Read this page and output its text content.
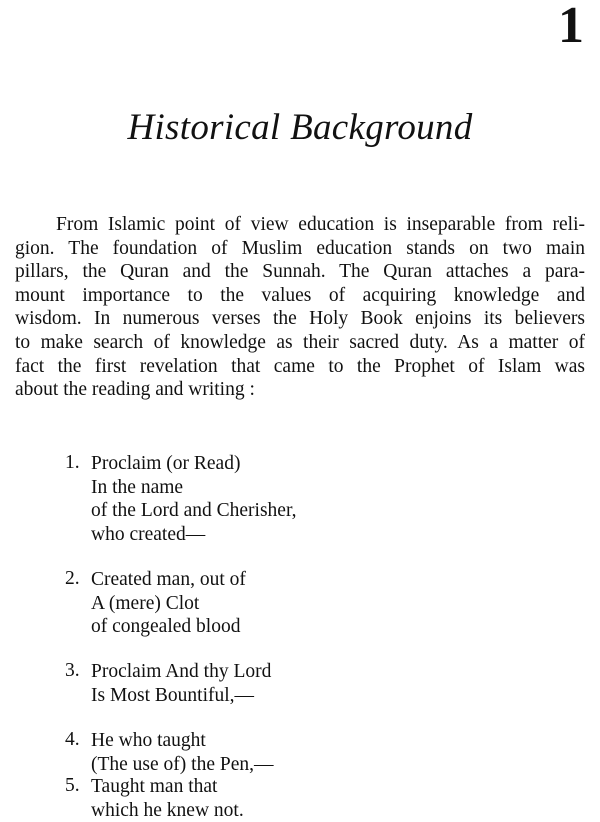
1
Historical Background
From Islamic point of view education is inseparable from reli-
gion. The foundation of Muslim education stands on two main
pillars, the Quran and the Sunnah. The Quran attaches a para-
mount importance to the values of acquiring knowledge and
wisdom. In numerous verses the Holy Book enjoins its believers
to make search of knowledge as their sacred duty. As a matter of
fact the first revelation that came to the Prophet of Islam was
about the reading and writing :
1. Proclaim (or Read)
In the name
of the Lord and Cherisher,
who created—
2. Created man, out of
A (mere) Clot
of congealed blood
3. Proclaim And thy Lord
Is Most Bountiful,—
4. He who taught
(The use of) the Pen,—
5. Taught man that
which he knew not.
